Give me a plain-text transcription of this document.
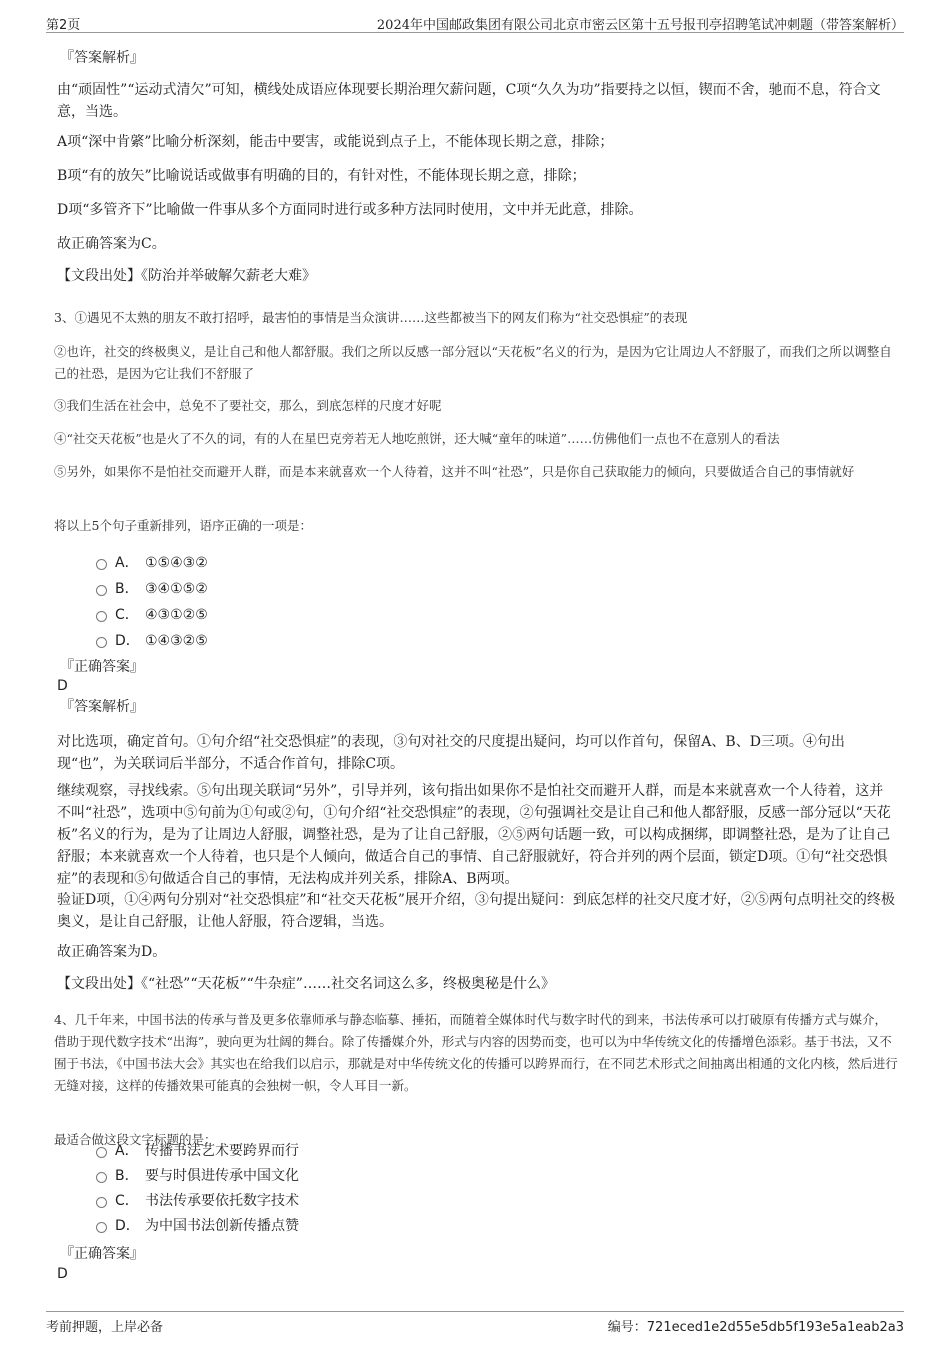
第2页	2024年中国邮政集团有限公司北京市密云区第十五号报刊亭招聘笔试冲刺题（带答案解析）
『答案解析』
由“顽固性”“运动式清欠”可知，横线处成语应体现要长期治理欠薪问题，C项“久久为功”指要持之以恒，锲而不舍，驰而不息，符合文意，当选。
A项“深中肯綮”比喻分析深刻，能击中要害，或能说到点子上，不能体现长期之意，排除；
B项“有的放矢”比喻说话或做事有明确的目的，有针对性，不能体现长期之意，排除；
D项“多管齐下”比喻做一件事从多个方面同时进行或多种方法同时使用，文中并无此意，排除。
故正确答案为C。
【文段出处】《防治并举破解欠薪老大难》
3、①遇见不太熟的朋友不敢打招呼，最害怕的事情是当众演讲……这些都被当下的网友们称为“社交恐惧症”的表现
②也许，社交的终极奥义，是让自己和他人都舒服。我们之所以反感一部分冠以“天花板”名义的行为，是因为它让周边人不舒服了，而我们之所以调整自己的社恐，是因为它让我们不舒服了
③我们生活在社会中，总免不了要社交，那么，到底怎样的尺度才好呢
④“社交天花板”也是火了不久的词，有的人在星巴克旁若无人地吃煎饼，还大喊“童年的味道”……仿佛他们一点也不在意别人的看法
⑤另外，如果你不是怕社交而避开人群，而是本来就喜欢一个人待着，这并不叫“社恐”，只是你自己获取能力的倾向，只要做适合自己的事情就好
将以上5个句子重新排列，语序正确的一项是：
A． ①⑤④③②
B． ③④①⑤②
C． ④③①②⑤
D． ①④③②⑤
『正确答案』
D
『答案解析』
对比选项，确定首句。①句介绍“社交恐惧症”的表现，③句对社交的尺度提出疑问，均可以作首句，保留A、B、D三项。④句出现“也”，为关联词后半部分，不适合作首句，排除C项。
继续观察，寻找线索。⑤句出现关联词“另外”，引导并列，该句指出如果你不是怕社交而避开人群，而是本来就喜欢一个人待着，这并不叫“社恐”，选项中⑤句前为①句或②句，①句介绍“社交恐惧症”的表现，②句强调社交是让自己和他人都舒服，反感一部分冠以“天花板”名义的行为，是为了让周边人舒服，调整社恐，是为了让自己舒服，②⑤两句话题一致，可以构成捆绑，即调整社恐，是为了让自己舒服；本来就喜欢一个人待着，也只是个人倾向，做适合自己的事情、自己舒服就好，符合并列的两个层面，锁定D项。①句“社交恐惧症”的表现和⑤句做适合自己的事情，无法构成并列关系，排除A、B两项。
验证D项，①④两句分别对“社交恐惧症”和“社交天花板”展开介绍，③句提出疑问：到底怎样的社交尺度才好，②⑤两句点明社交的终极奥义，是让自己舒服，让他人舒服，符合逻辑，当选。
故正确答案为D。
【文段出处】《“社恐”“天花板”“牛杂症”……社交名词这么多，终极奥秘是什么》
4、几千年来，中国书法的传承与普及更多依靠师承与静态临摹、捶拓，而随着全媒体时代与数字时代的到来，书法传承可以打破原有传播方式与媒介，借助于现代数字技术“出海”，驶向更为壮阔的舞台。除了传播媒介外，形式与内容的因势而变，也可以为中华传统文化的传播增色添彩。基于书法，又不囿于书法，《中国书法大会》其实也在给我们以启示，那就是对中华传统文化的传播可以跨界而行，在不同艺术形式之间抽离出相通的文化内核，然后进行无缝对接，这样的传播效果可能真的会独树一帜，令人耳目一新。
最适合做这段文字标题的是：
A． 传播书法艺术要跨界而行
B． 要与时俱进传承中国文化
C． 书法传承要依托数字技术
D． 为中国书法创新传播点赞
『正确答案』
D
考前押题，上岸必备	编号：721eced1e2d55e5db5f193e5a1eab2a3
